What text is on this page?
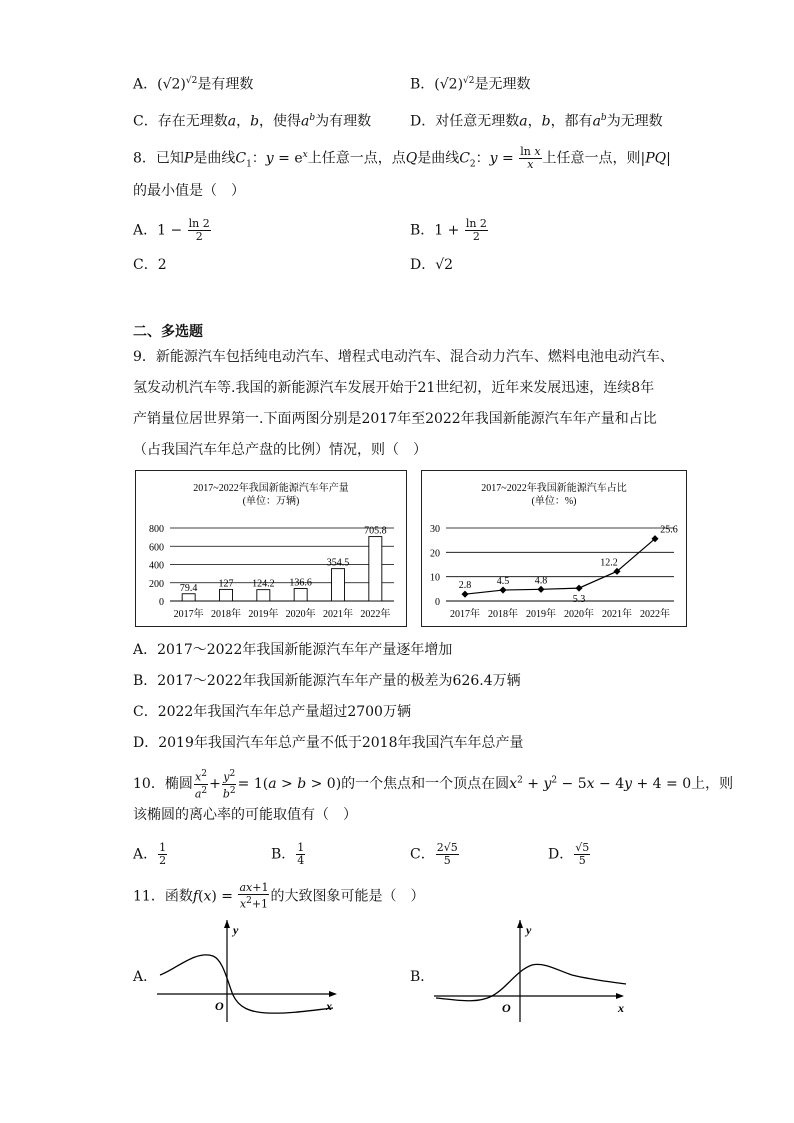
A．$(√2)^{√2}$是有理数	B．$(√2)^{√2}$是无理数
C．存在无理数a，b，使得$a^b$为有理数	D．对任意无理数a，b，都有$a^b$为无理数
8．已知P是曲线$C_1$：$y = e^x$上任意一点，点Q是曲线$C_2$：$y = \frac{\text{ln x}}{x}$ 上任意一点，则|PQ|
的最小值是（　）
A．$1 - \frac{\ln 2}{2}$	B．$1 + \frac{\ln 2}{2}$
C．2	D．√2
二、多选题
9．新能源汽车包括纯电动汽车、增程式电动汽车、混合动力汽车、燃料电池电动汽车、
氢发动机汽车等.我国的新能源汽车发展开始于21世纪初，近年来发展迅速，连续8年
产销量位居世界第一.下面两图分别是2017年至2022年我国新能源汽车年产量和占比
（占我国汽车年总产盘的比例）情况，则（　）
2017~2022年我国新能源汽车年产量
(单位：万辆)
0
200
400
600
800
79.4
2017年
127
2018年
124.2
2019年
136.6
2020年
354.5
2021年
705.8
2022年
2017~2022年我国新能源汽车占比
(单位：%)
0
10
20
30
2.8
2017年
4.5
2018年
4.8
2019年
5.3
2020年
12.2
2021年
25.6
2022年
A．2017～2022年我国新能源汽车年产量逐年增加
B．2017～2022年我国新能源汽车年产量的极差为626.4万辆
C．2022年我国汽车年总产量超过2700万辆
D．2019年我国汽车年总产量不低于2018年我国汽车年总产量
10．椭圆 $\frac{x^2}{a^2} + \frac{y^2}{b^2} = 1(a > b > 0)$的一个焦点和一个顶点在圆$x^2 + y^2 - 5x - 4y + 4 = 0$上，则
该椭圆的离心率的可能取值有（　）
A． $\frac{1}{2}$	B． $\frac{1}{4}$	C． $\frac{2√5}{5}$	D． $\frac{√5}{5}$
11．函数$f(x) = \frac{ax+1}{x^2+1}$ 的大致图象可能是（　）
A．
y
x
O
B．
y
x
O
